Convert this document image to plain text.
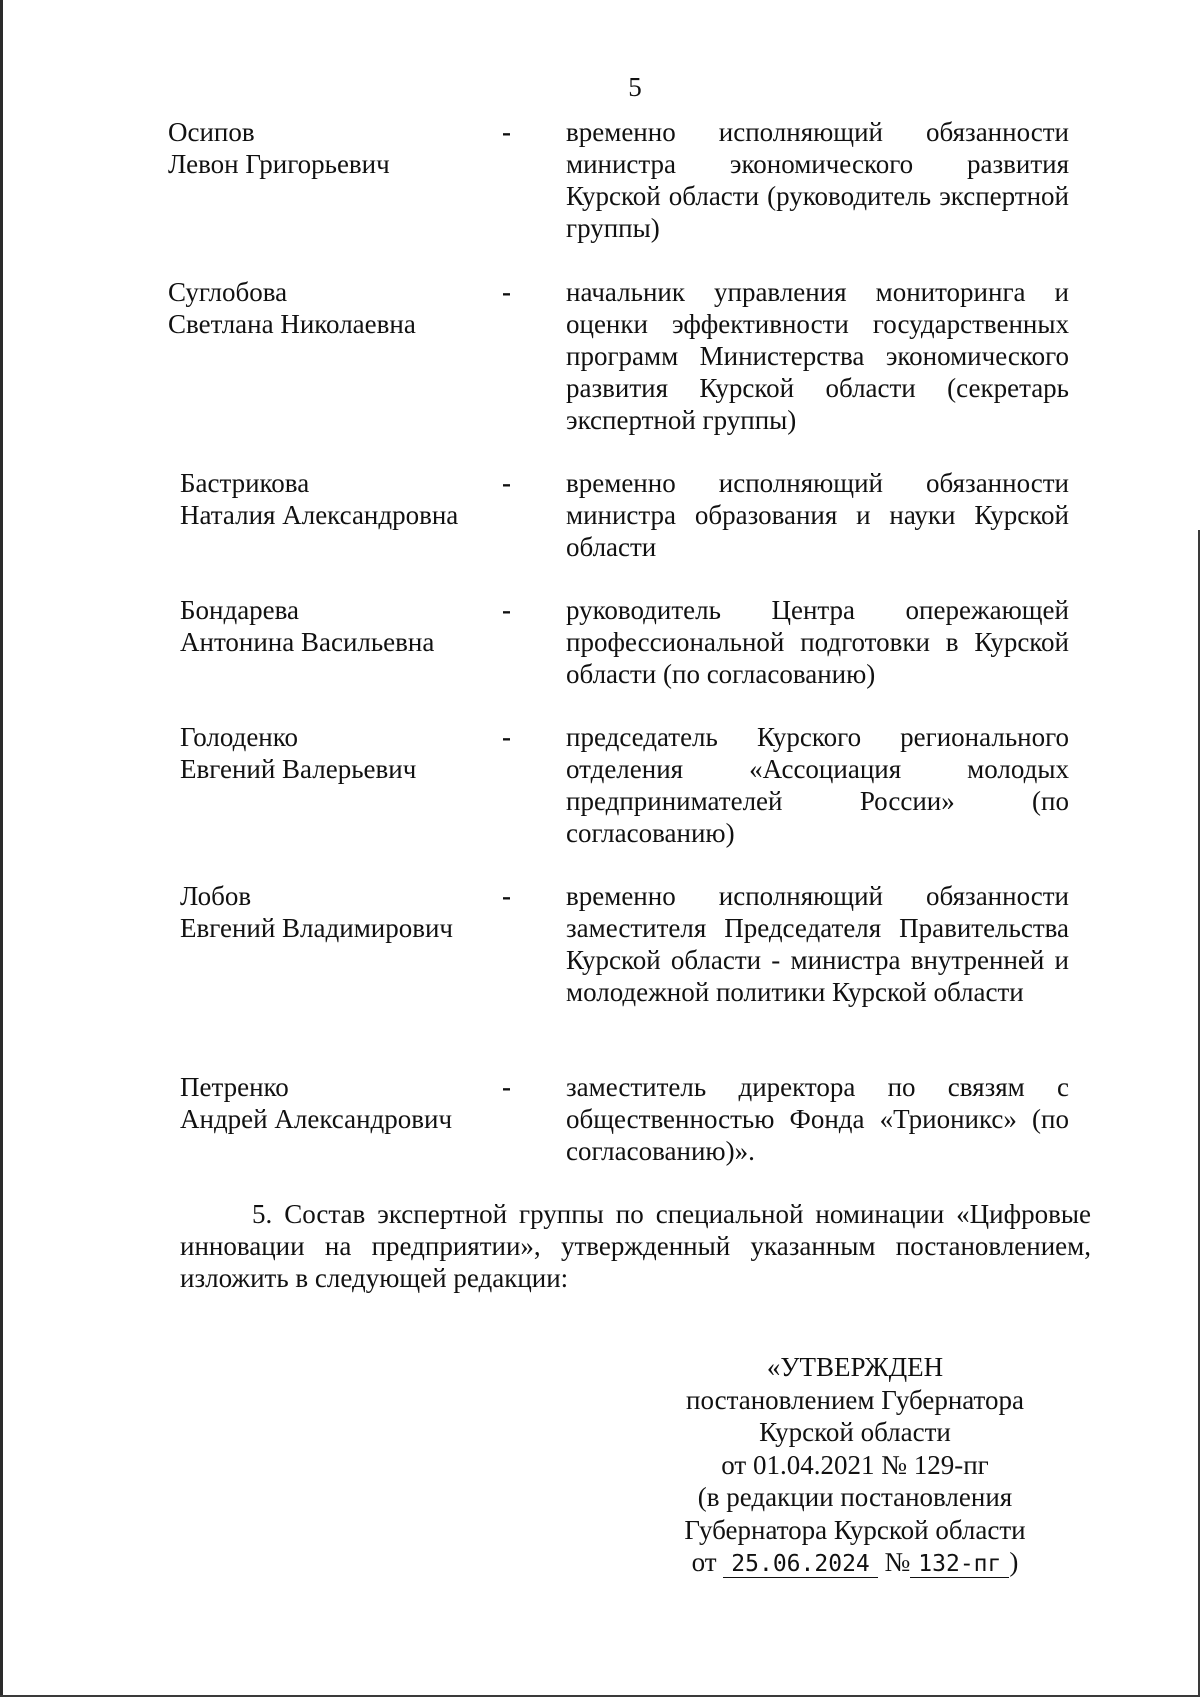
5
Осипов
Левон Григорьевич
- временно исполняющий обязанности министра экономического развития Курской области (руководитель экспертной группы)
Суглобова
Светлана Николаевна
- начальник управления мониторинга и оценки эффективности государственных программ Министерства экономического развития Курской области (секретарь экспертной группы)
Бастрикова
Наталия Александровна
- временно исполняющий обязанности министра образования и науки Курской области
Бондарева
Антонина Васильевна
- руководитель Центра опережающей профессиональной подготовки в Курской области (по согласованию)
Голоденко
Евгений Валерьевич
- председатель Курского регионального отделения «Ассоциация молодых предпринимателей России» (по согласованию)
Лобов
Евгений Владимирович
- временно исполняющий обязанности заместителя Председателя Правительства Курской области - министра внутренней и молодежной политики Курской области
Петренко
Андрей Александрович
- заместитель директора по связям с общественностью Фонда «Трионикс» (по согласованию)».
5. Состав экспертной группы по специальной номинации «Цифровые инновации на предприятии», утвержденный указанным постановлением, изложить в следующей редакции:
«УТВЕРЖДЕН
постановлением Губернатора
Курской области
от 01.04.2021 № 129-пг
(в редакции постановления
Губернатора Курской области
от 25.06.2024 № 132-пг )
